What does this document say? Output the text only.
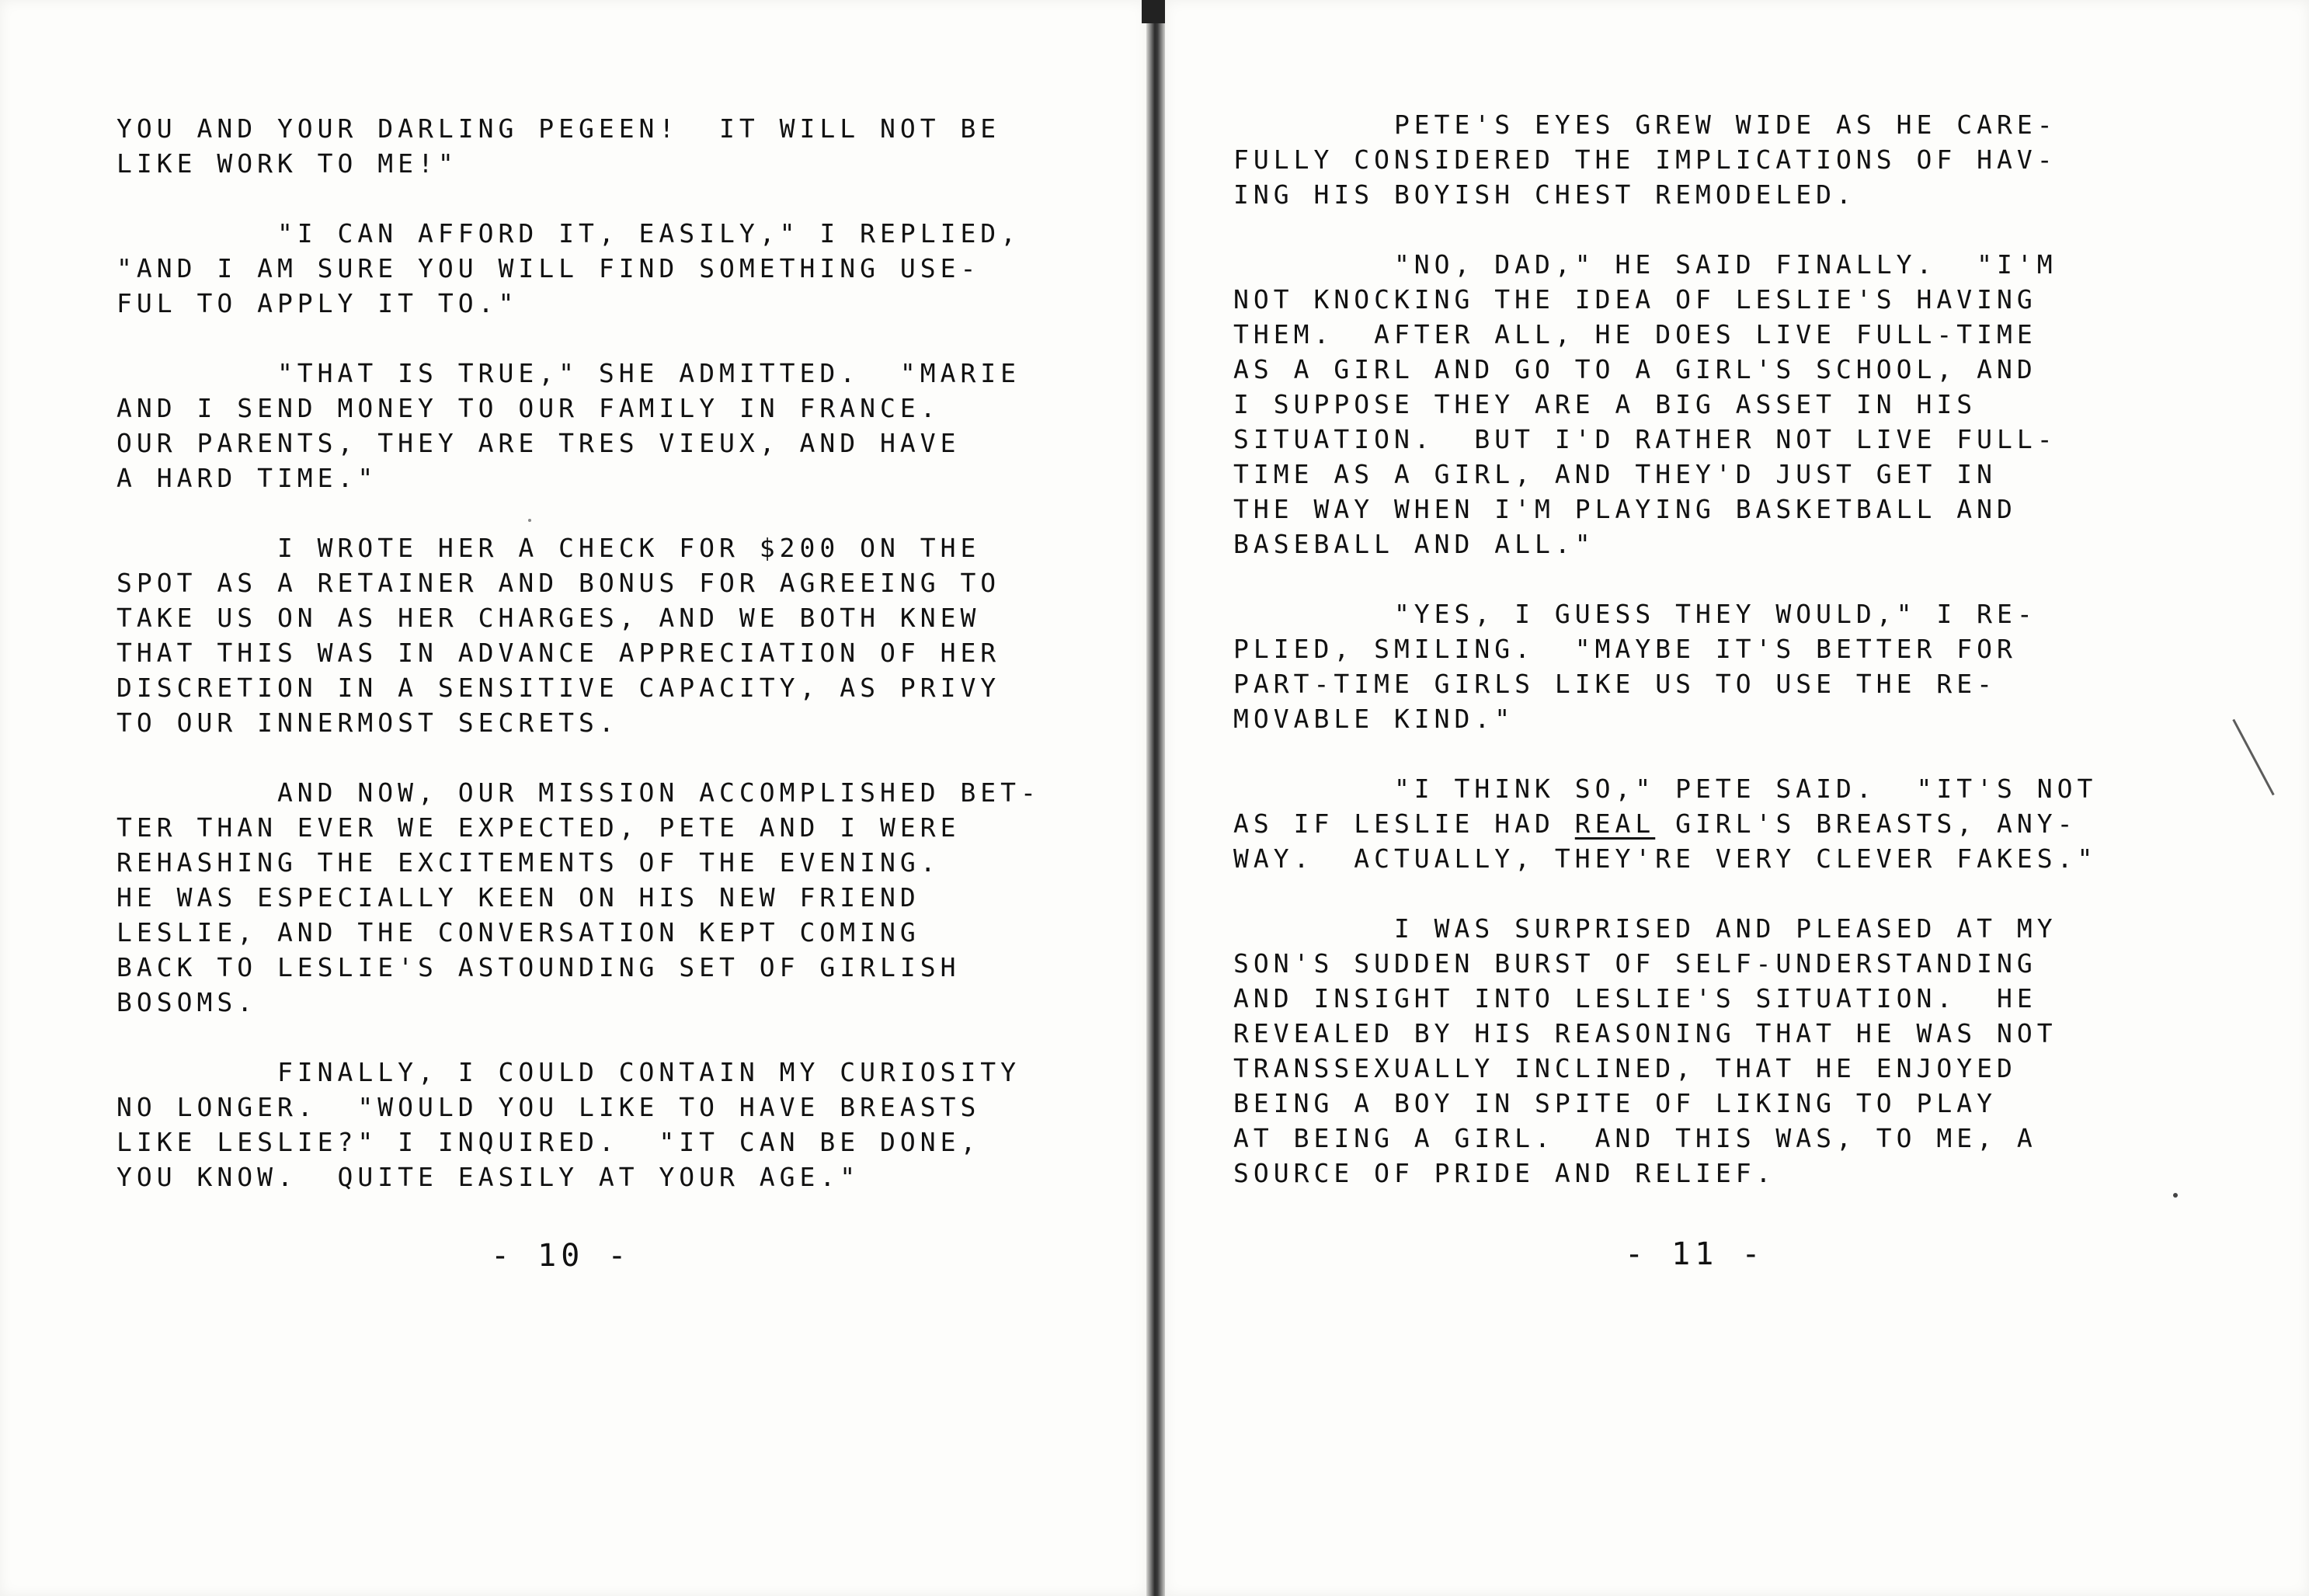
YOU AND YOUR DARLING PEGEEN!  IT WILL NOT BE
LIKE WORK TO ME!"
"I CAN AFFORD IT, EASILY," I REPLIED,
"AND I AM SURE YOU WILL FIND SOMETHING USE-
FUL TO APPLY IT TO."
"THAT IS TRUE," SHE ADMITTED.  "MARIE
AND I SEND MONEY TO OUR FAMILY IN FRANCE.
OUR PARENTS, THEY ARE TRES VIEUX, AND HAVE
A HARD TIME."
I WROTE HER A CHECK FOR $200 ON THE
SPOT AS A RETAINER AND BONUS FOR AGREEING TO
TAKE US ON AS HER CHARGES, AND WE BOTH KNEW
THAT THIS WAS IN ADVANCE APPRECIATION OF HER
DISCRETION IN A SENSITIVE CAPACITY, AS PRIVY
TO OUR INNERMOST SECRETS.
AND NOW, OUR MISSION ACCOMPLISHED BET-
TER THAN EVER WE EXPECTED, PETE AND I WERE
REHASHING THE EXCITEMENTS OF THE EVENING.
HE WAS ESPECIALLY KEEN ON HIS NEW FRIEND
LESLIE, AND THE CONVERSATION KEPT COMING
BACK TO LESLIE'S ASTOUNDING SET OF GIRLISH
BOSOMS.
FINALLY, I COULD CONTAIN MY CURIOSITY
NO LONGER.  "WOULD YOU LIKE TO HAVE BREASTS
LIKE LESLIE?" I INQUIRED.  "IT CAN BE DONE,
YOU KNOW.  QUITE EASILY AT YOUR AGE."
PETE'S EYES GREW WIDE AS HE CARE-
FULLY CONSIDERED THE IMPLICATIONS OF HAV-
ING HIS BOYISH CHEST REMODELED.
"NO, DAD," HE SAID FINALLY.  "I'M
NOT KNOCKING THE IDEA OF LESLIE'S HAVING
THEM.  AFTER ALL, HE DOES LIVE FULL-TIME
AS A GIRL AND GO TO A GIRL'S SCHOOL, AND
I SUPPOSE THEY ARE A BIG ASSET IN HIS
SITUATION.  BUT I'D RATHER NOT LIVE FULL-
TIME AS A GIRL, AND THEY'D JUST GET IN
THE WAY WHEN I'M PLAYING BASKETBALL AND
BASEBALL AND ALL."
"YES, I GUESS THEY WOULD," I RE-
PLIED, SMILING.  "MAYBE IT'S BETTER FOR
PART-TIME GIRLS LIKE US TO USE THE RE-
MOVABLE KIND."
"I THINK SO," PETE SAID.  "IT'S NOT
AS IF LESLIE HAD REAL GIRL'S BREASTS, ANY-
WAY.  ACTUALLY, THEY'RE VERY CLEVER FAKES."
I WAS SURPRISED AND PLEASED AT MY
SON'S SUDDEN BURST OF SELF-UNDERSTANDING
AND INSIGHT INTO LESLIE'S SITUATION.  HE
REVEALED BY HIS REASONING THAT HE WAS NOT
TRANSSEXUALLY INCLINED, THAT HE ENJOYED
BEING A BOY IN SPITE OF LIKING TO PLAY
AT BEING A GIRL.  AND THIS WAS, TO ME, A
SOURCE OF PRIDE AND RELIEF.
- 10 -	- 11 -
